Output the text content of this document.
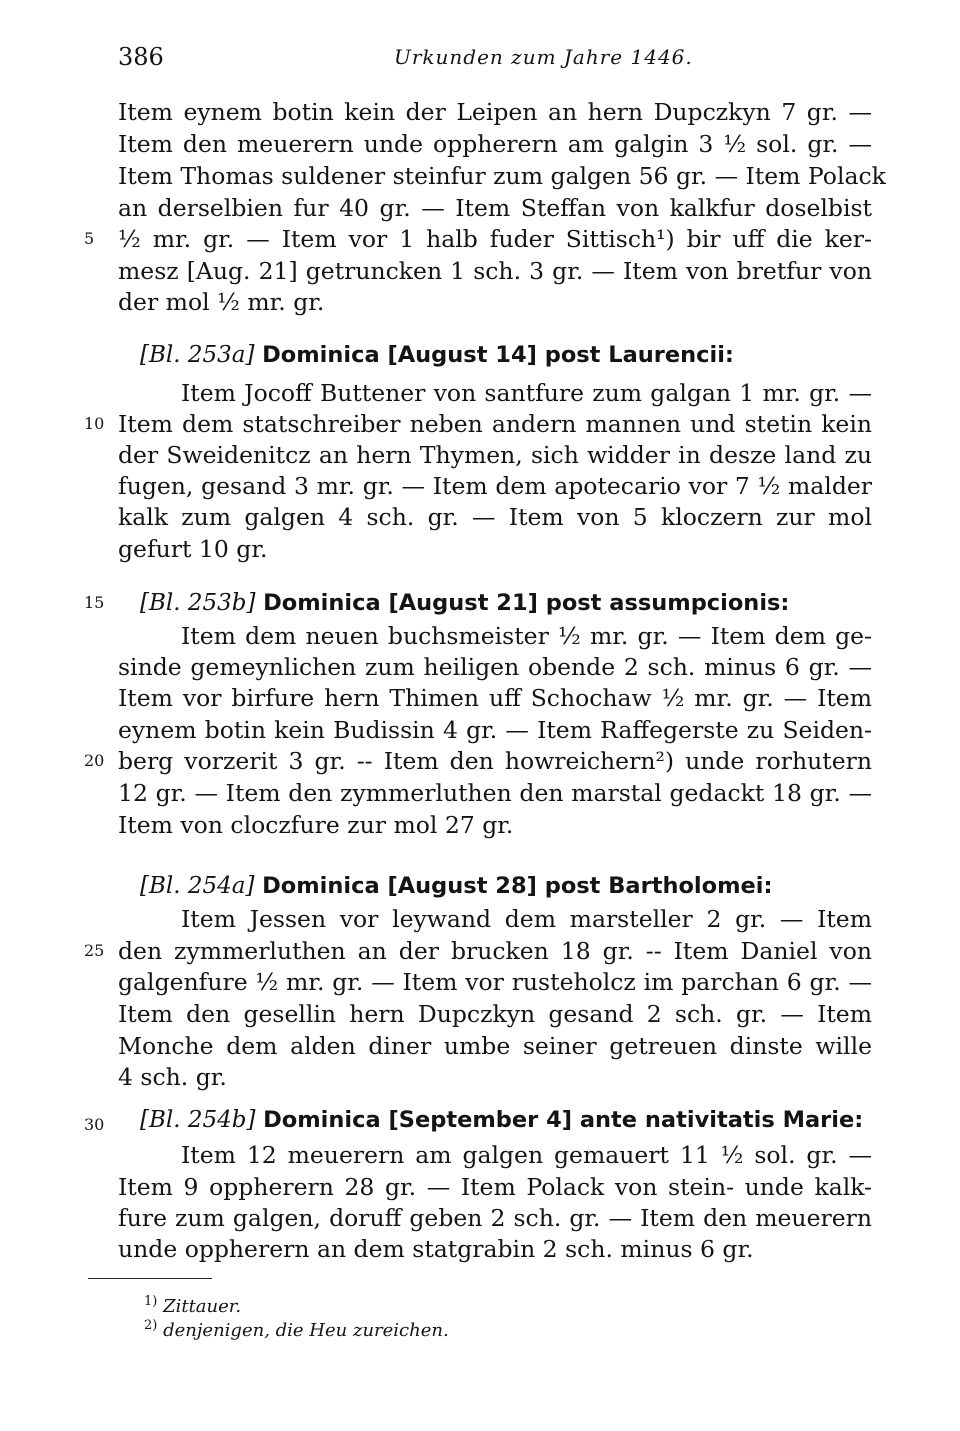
386	Urkunden zum Jahre 1446.
5
10
15
20
25
30
Item eynem botin kein der Leipen an hern Dupczkyn 7 gr. —
Item den meuerern unde oppherern am galgin 3 ½ sol. gr. —
Item Thomas suldener steinfur zum galgen 56 gr. — Item Polack
an derselbien fur 40 gr. — Item Steffan von kalkfur doselbist
½ mr. gr. — Item vor 1 halb fuder Sittisch¹) bir uff die ker-
mesz [Aug. 21] getruncken 1 sch. 3 gr. — Item von bretfur von
der mol ½ mr. gr.
[Bl. 253a] Dominica [August 14] post Laurencii:
Item Jocoff Buttener von santfure zum galgan 1 mr. gr. —
Item dem statschreiber neben andern mannen und stetin kein
der Sweidenitcz an hern Thymen, sich widder in desze land zu
fugen, gesand 3 mr. gr. — Item dem apotecario vor 7 ½ malder
kalk zum galgen 4 sch. gr. — Item von 5 kloczern zur mol
gefurt 10 gr.
[Bl. 253b] Dominica [August 21] post assumpcionis:
Item dem neuen buchsmeister ½ mr. gr. — Item dem ge-
sinde gemeynlichen zum heiligen obende 2 sch. minus 6 gr. —
Item vor birfure hern Thimen uff Schochaw ½ mr. gr. — Item
eynem botin kein Budissin 4 gr. — Item Raffegerste zu Seiden-
berg vorzerit 3 gr. -- Item den howreichern²) unde rorhutern
12 gr. — Item den zymmerluthen den marstal gedackt 18 gr. —
Item von cloczfure zur mol 27 gr.
[Bl. 254a] Dominica [August 28] post Bartholomei:
Item Jessen vor leywand dem marsteller 2 gr. — Item
den zymmerluthen an der brucken 18 gr. -- Item Daniel von
galgenfure ½ mr. gr. — Item vor rusteholcz im parchan 6 gr. —
Item den gesellin hern Dupczkyn gesand 2 sch. gr. — Item
Monche dem alden diner umbe seiner getreuen dinste wille
4 sch. gr.
[Bl. 254b] Dominica [September 4] ante nativitatis Marie:
Item 12 meuerern am galgen gemauert 11 ½ sol. gr. —
Item 9 oppherern 28 gr. — Item Polack von stein- unde kalk-
fure zum galgen, doruff geben 2 sch. gr. — Item den meuerern
unde oppherern an dem statgrabin 2 sch. minus 6 gr.
$^{1)}$ Zittauer.
$^{2)}$ denjenigen, die Heu zureichen.
